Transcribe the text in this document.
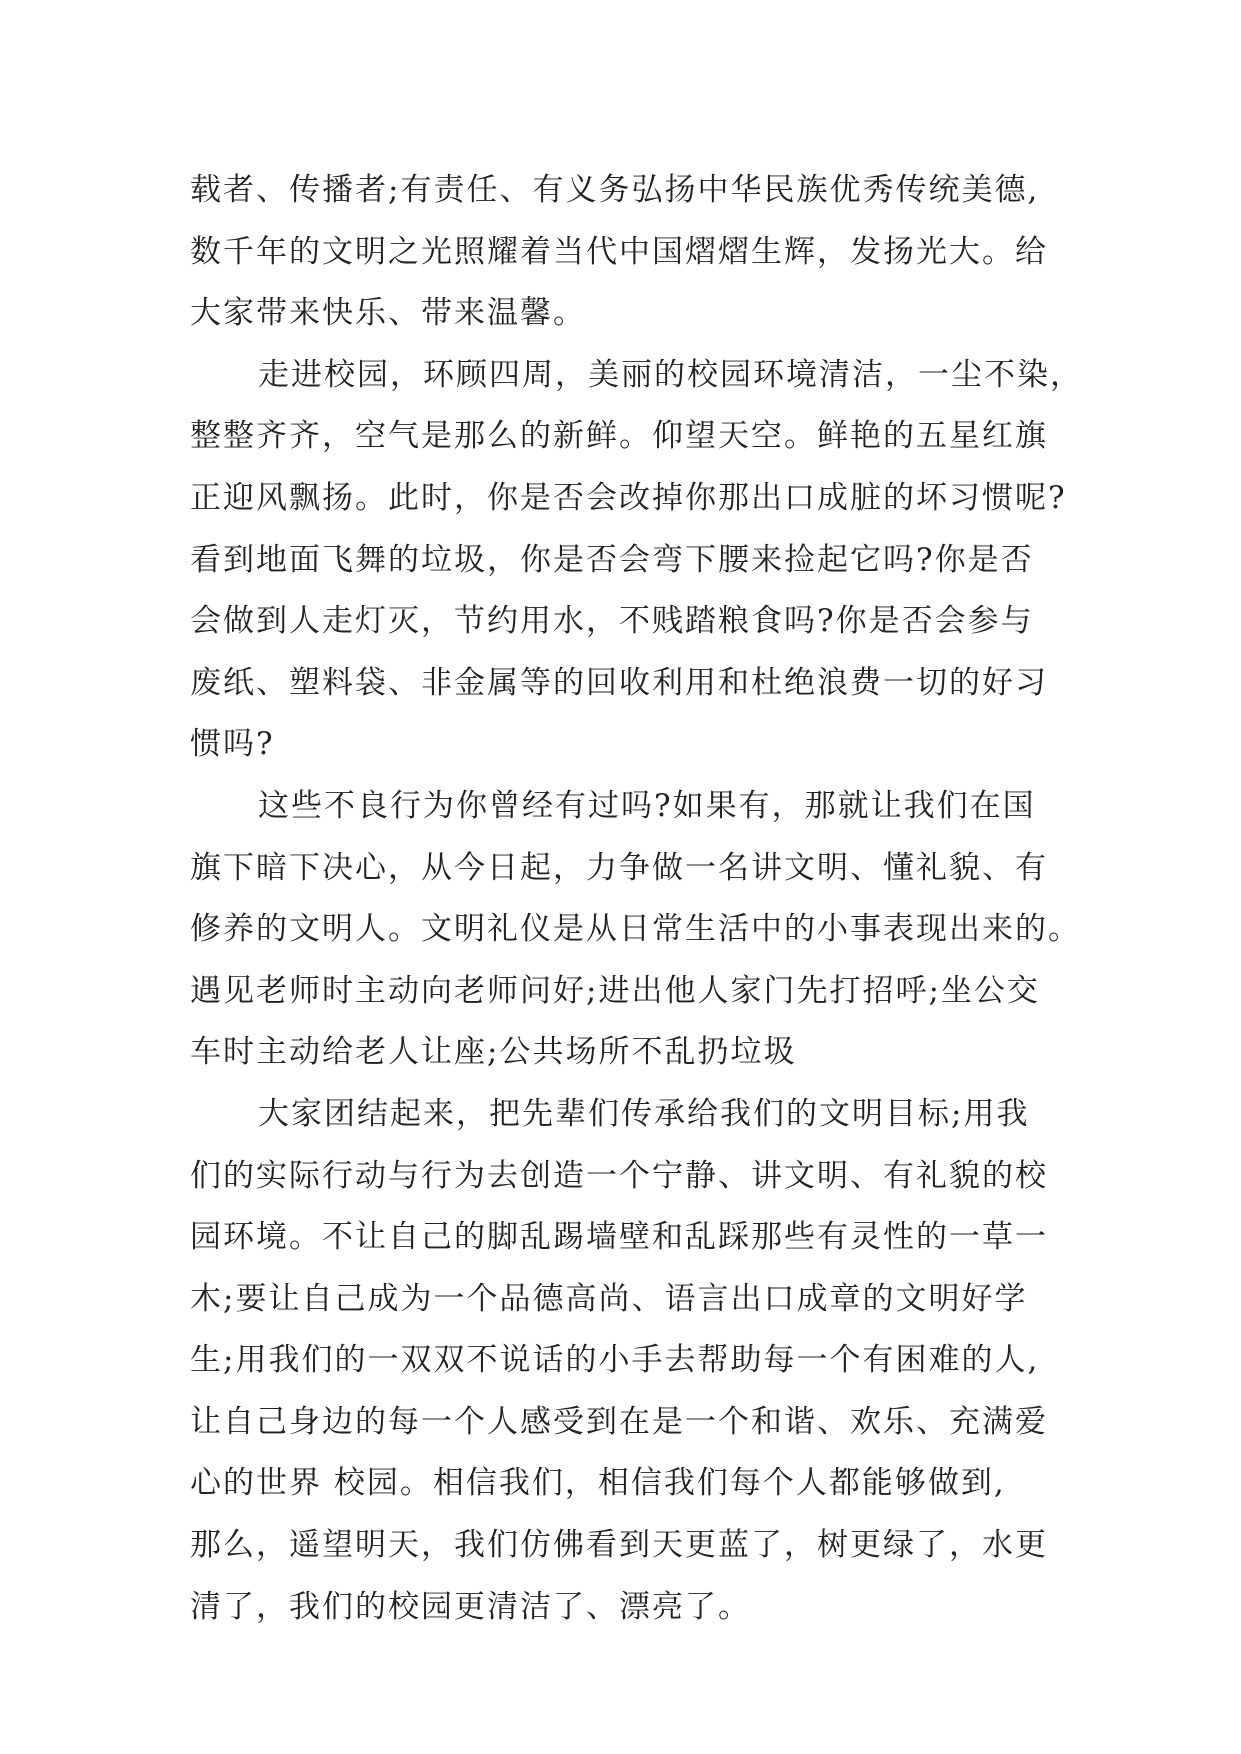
载者、传播者;有责任、有义务弘扬中华民族优秀传统美德,
数千年的文明之光照耀着当代中国熠熠生辉，发扬光大。给
大家带来快乐、带来温馨。
走进校园，环顾四周，美丽的校园环境清洁，一尘不染，
整整齐齐，空气是那么的新鲜。仰望天空。鲜艳的五星红旗
正迎风飘扬。此时，你是否会改掉你那出口成脏的坏习惯呢?
看到地面飞舞的垃圾，你是否会弯下腰来捡起它吗?你是否
会做到人走灯灭，节约用水，不贱踏粮食吗?你是否会参与
废纸、塑料袋、非金属等的回收利用和杜绝浪费一切的好习
惯吗?
这些不良行为你曾经有过吗?如果有，那就让我们在国
旗下暗下决心，从今日起，力争做一名讲文明、懂礼貌、有
修养的文明人。文明礼仪是从日常生活中的小事表现出来的。
遇见老师时主动向老师问好;进出他人家门先打招呼;坐公交
车时主动给老人让座;公共场所不乱扔垃圾
大家团结起来，把先辈们传承给我们的文明目标;用我
们的实际行动与行为去创造一个宁静、讲文明、有礼貌的校
园环境。不让自己的脚乱踢墙壁和乱踩那些有灵性的一草一
木;要让自己成为一个品德高尚、语言出口成章的文明好学
生;用我们的一双双不说话的小手去帮助每一个有困难的人,
让自己身边的每一个人感受到在是一个和谐、欢乐、充满爱
心的世界 校园。相信我们，相信我们每个人都能够做到,
那么，遥望明天，我们仿佛看到天更蓝了，树更绿了，水更
清了，我们的校园更清洁了、漂亮了。
